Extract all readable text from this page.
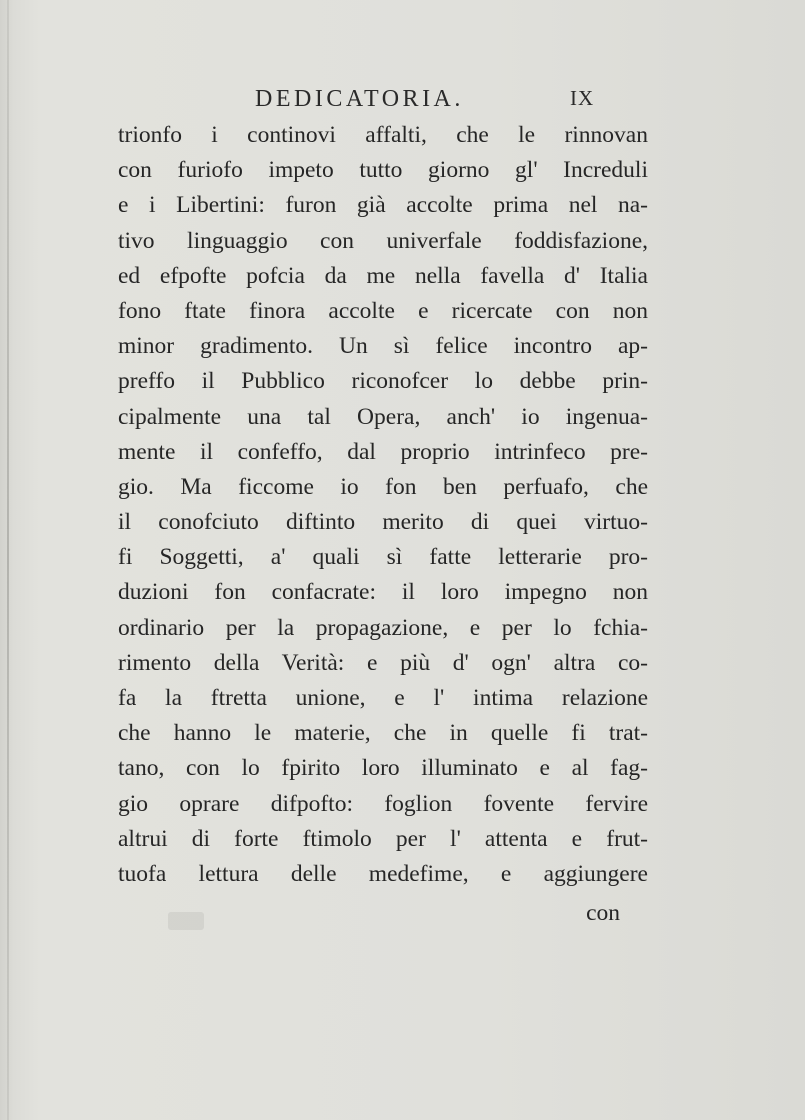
DEDICATORIA.	IX
trionfo i continovi affalti, che le rinnovan
con furiofo impeto tutto giorno gl' Increduli
e i Libertini: furon già accolte prima nel na-
tivo linguaggio con univerfale foddisfazione,
ed efpofte pofcia da me nella favella d' Italia
fono ftate finora accolte e ricercate con non
minor gradimento. Un sì felice incontro ap-
preffo il Pubblico riconofcer lo debbe prin-
cipalmente una tal Opera, anch' io ingenua-
mente il confeffo, dal proprio intrinfeco pre-
gio. Ma ficcome io fon ben perfuafo, che
il conofciuto diftinto merito di quei virtuo-
fi Soggetti, a' quali sì fatte letterarie pro-
duzioni fon confacrate: il loro impegno non
ordinario per la propagazione, e per lo fchia-
rimento della Verità: e più d' ogn' altra co-
fa la ftretta unione, e l' intima relazione
che hanno le materie, che in quelle fi trat-
tano, con lo fpirito loro illuminato e al fag-
gio oprare difpofto: foglion fovente fervire
altrui di forte ftimolo per l' attenta e frut-
tuofa lettura delle medefime, e aggiungere
con
